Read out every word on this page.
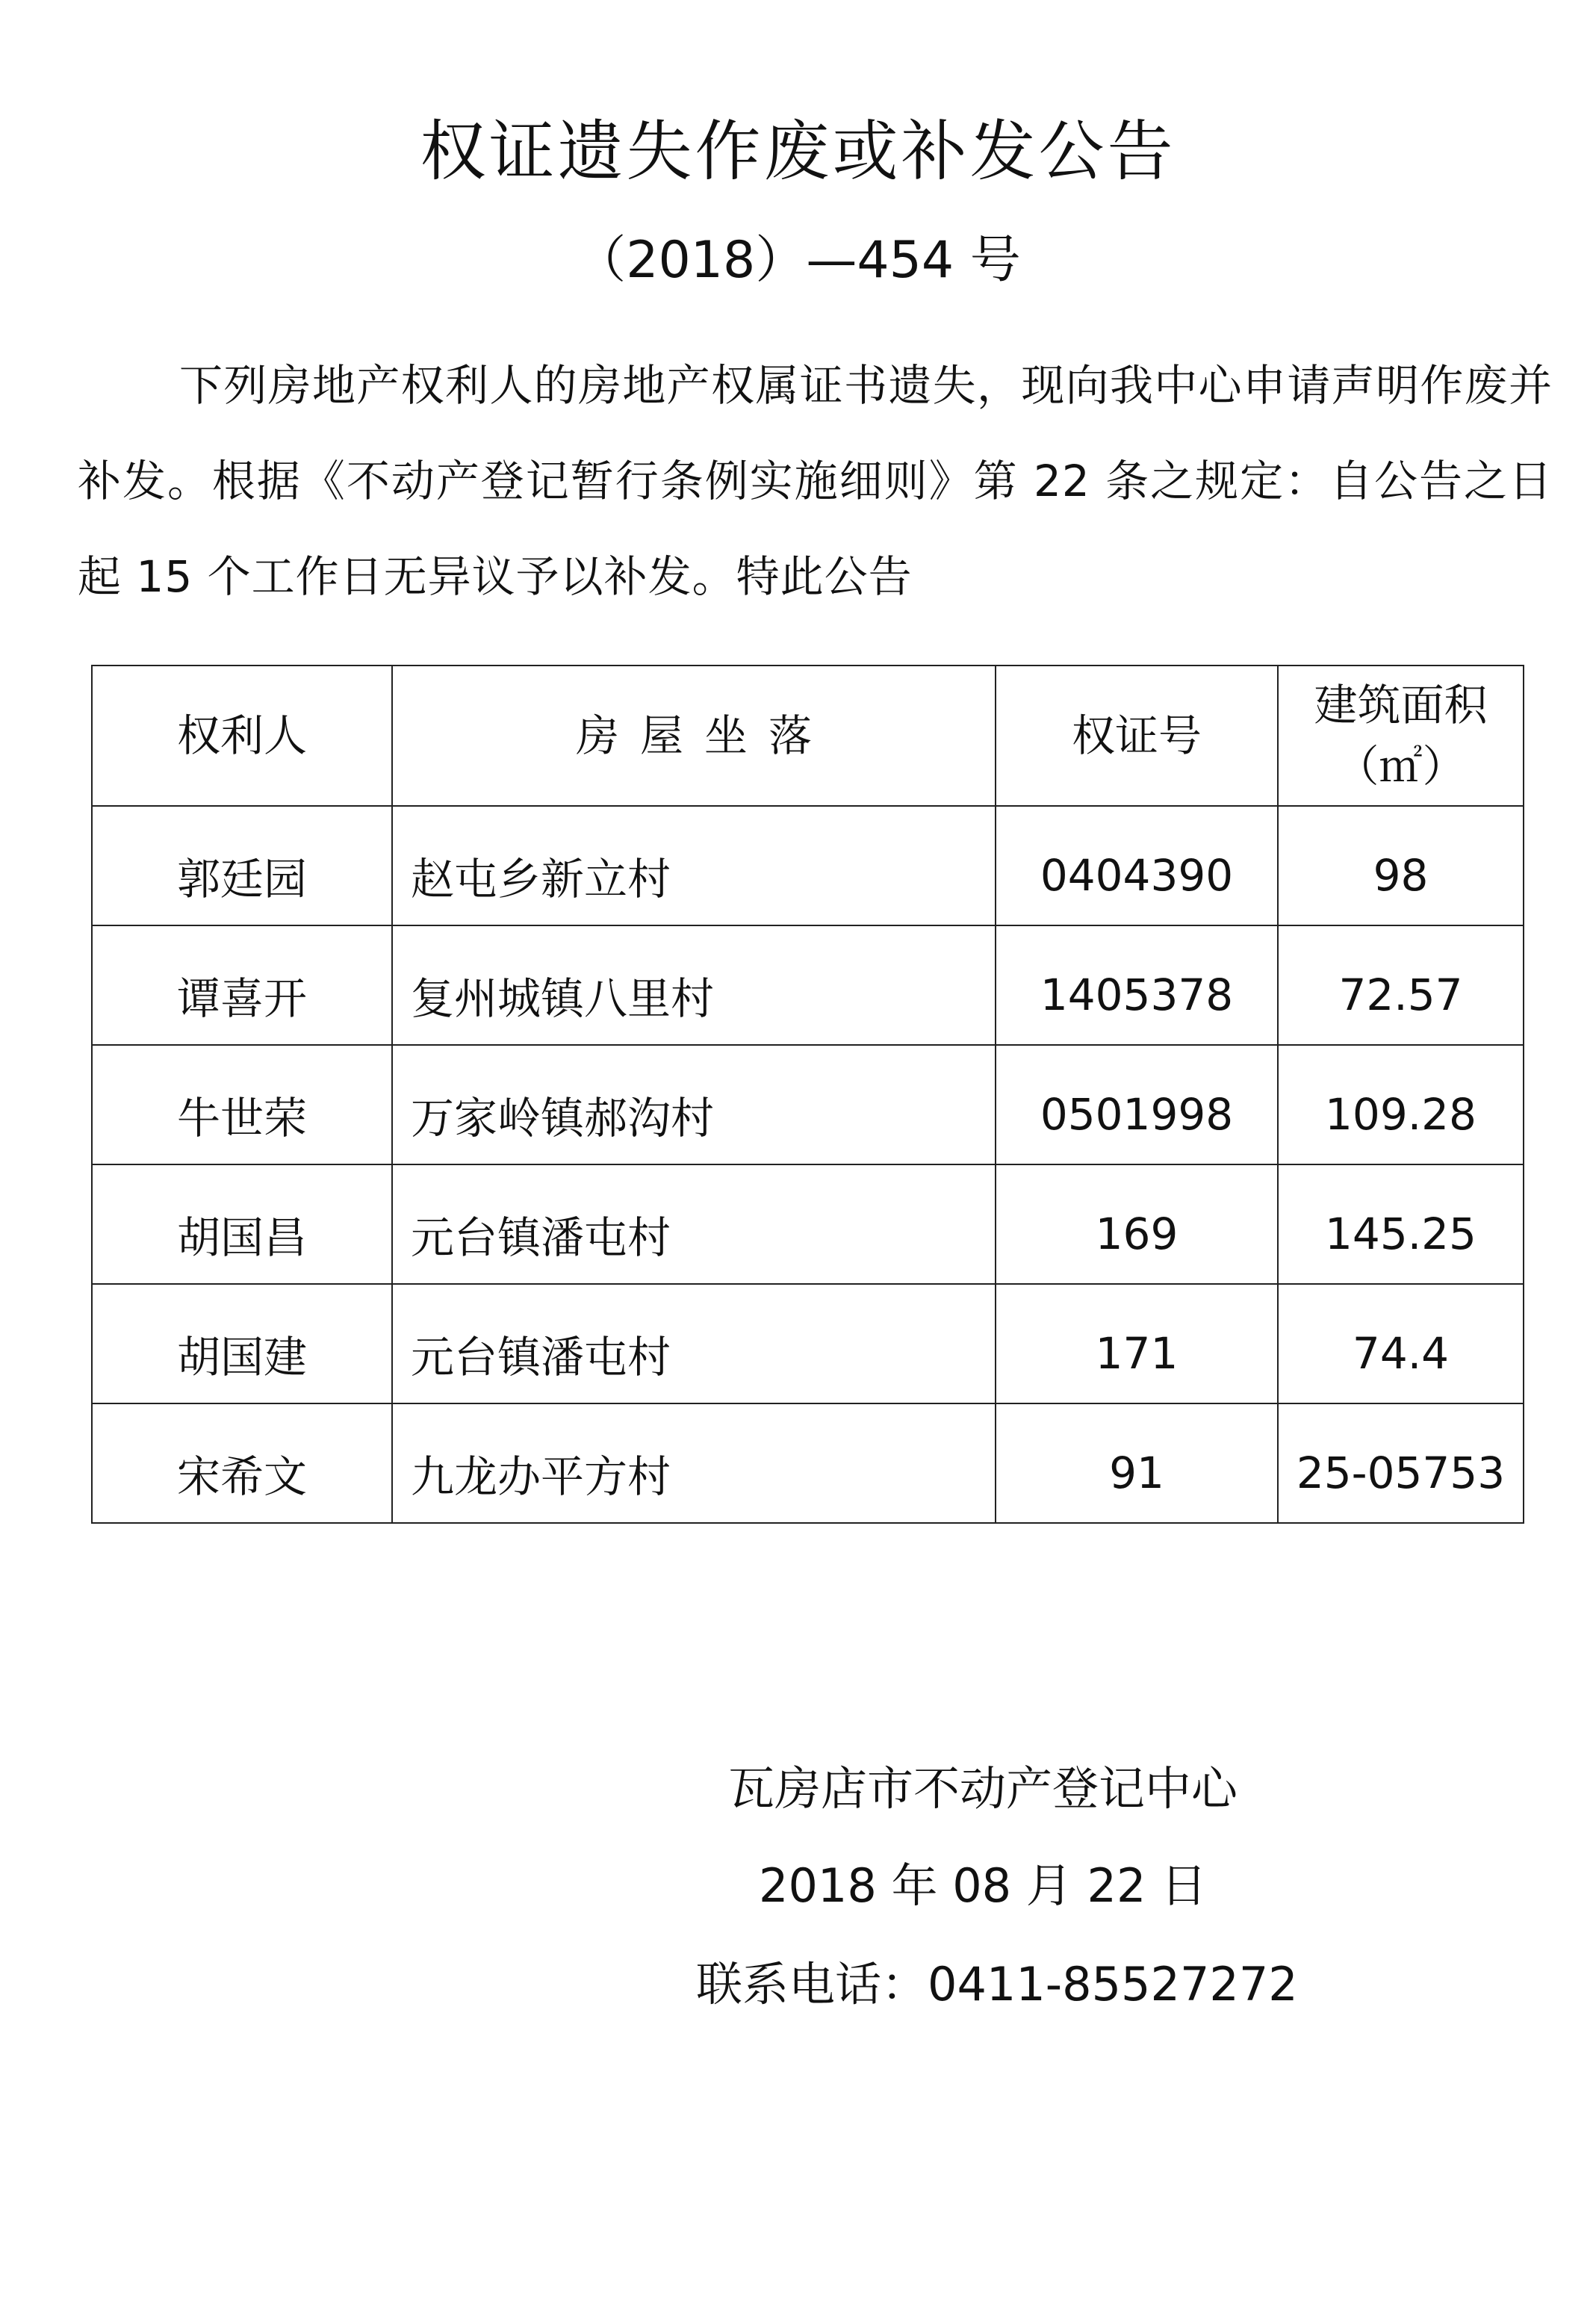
权证遗失作废或补发公告
（2018）—454 号
下列房地产权利人的房地产权属证书遗失，现向我中心申请声明作废并补发。根据《不动产登记暂行条例实施细则》第 22 条之规定：自公告之日起 15 个工作日无异议予以补发。特此公告
权利人	房屋坐落	权证号	建筑面积
（㎡）

郭廷园	赵屯乡新立村	0404390	98
谭喜开	复州城镇八里村	1405378	72.57
牛世荣	万家岭镇郝沟村	0501998	109.28
胡国昌	元台镇潘屯村	169	145.25
胡国建	元台镇潘屯村	171	74.4
宋希文	九龙办平方村	91	25-05753
瓦房店市不动产登记中心
2018 年 08 月 22 日
联系电话：0411-85527272
